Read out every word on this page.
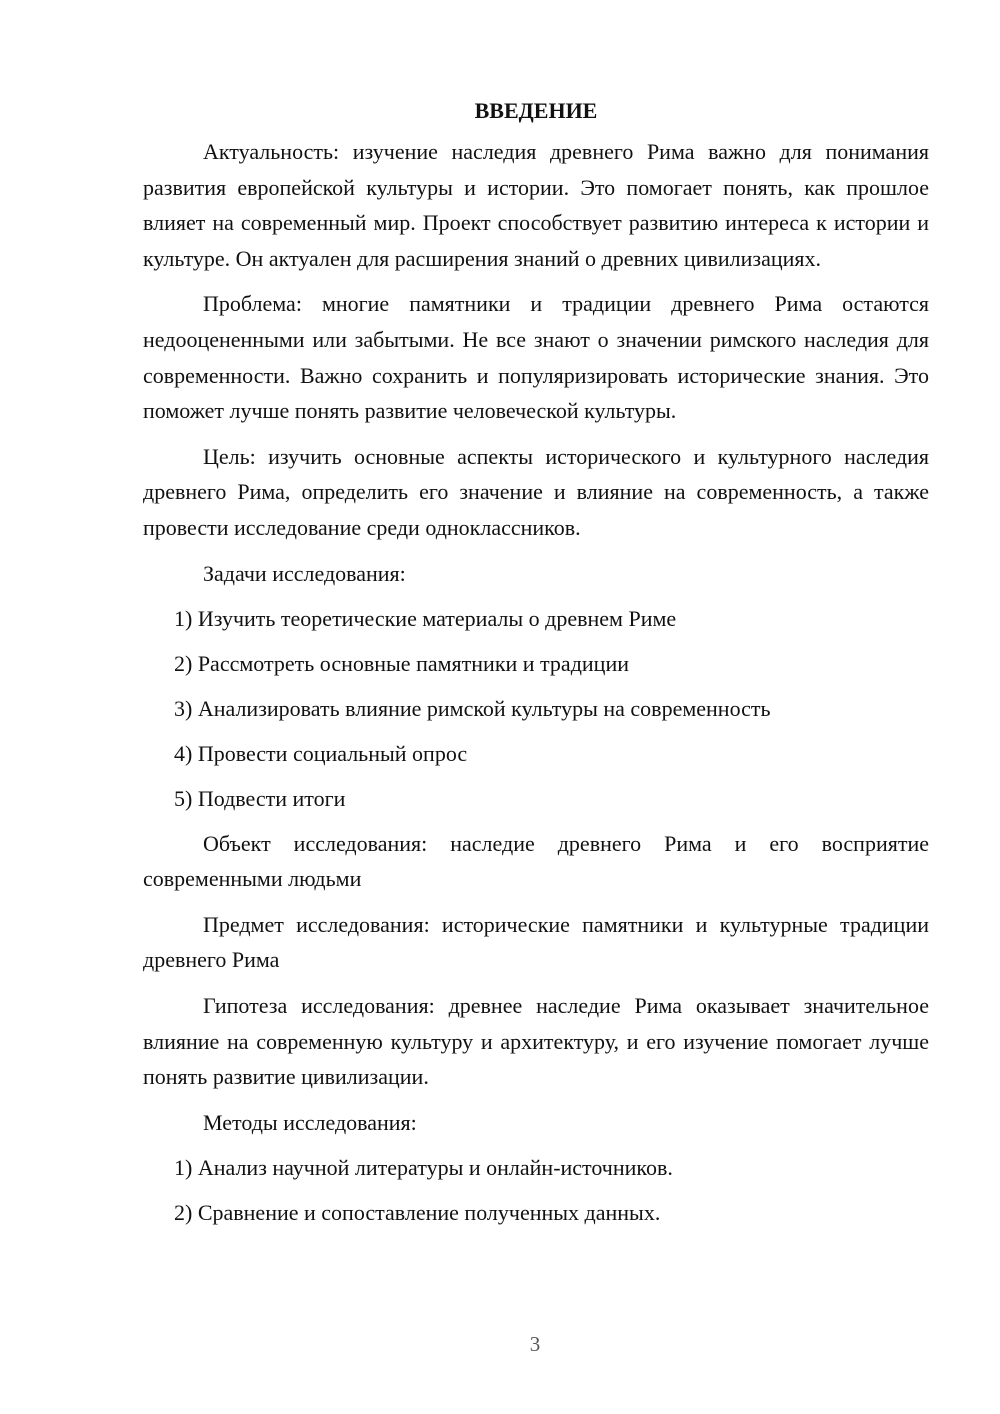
ВВЕДЕНИЕ

Актуальность: изучение наследия древнего Рима важно для понимания развития европейской культуры и истории. Это помогает понять, как прошлое влияет на современный мир. Проект способствует развитию интереса к истории и культуре. Он актуален для расширения знаний о древних цивилизациях.

Проблема: многие памятники и традиции древнего Рима остаются недооцененными или забытыми. Не все знают о значении римского наследия для современности. Важно сохранить и популяризировать исторические знания. Это поможет лучше понять развитие человеческой культуры.

Цель: изучить основные аспекты исторического и культурного наследия древнего Рима, определить его значение и влияние на современность, а также провести исследование среди одноклассников.

Задачи исследования:

1) Изучить теоретические материалы о древнем Риме
2) Рассмотреть основные памятники и традиции
3) Анализировать влияние римской культуры на современность
4) Провести социальный опрос
5) Подвести итоги

Объект исследования: наследие древнего Рима и его восприятие современными людьми

Предмет исследования: исторические памятники и культурные традиции древнего Рима

Гипотеза исследования: древнее наследие Рима оказывает значительное влияние на современную культуру и архитектуру, и его изучение помогает лучше понять развитие цивилизации.

Методы исследования:

1) Анализ научной литературы и онлайн-источников.
2) Сравнение и сопоставление полученных данных.
3
